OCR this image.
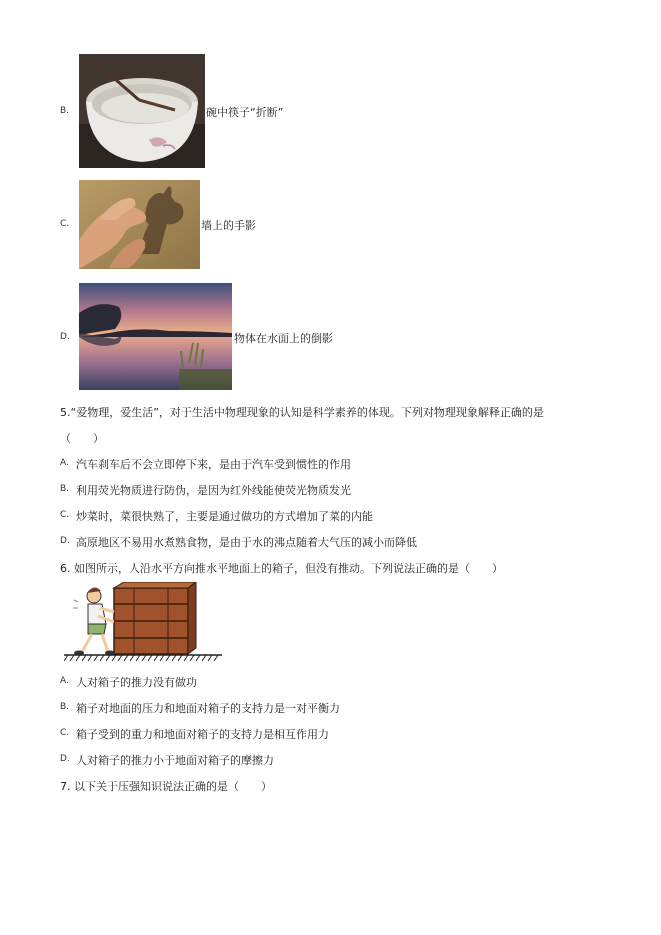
B.	碗中筷子“折断”
C.	墙上的手影
D.	物体在水面上的倒影
5.“爱物理，爱生活”，对于生活中物理现象的认知是科学素养的体现。下列对物理现象解释正确的是
（　　）
A. 汽车刹车后不会立即停下来，是由于汽车受到惯性的作用
B. 利用荧光物质进行防伪，是因为红外线能使荧光物质发光
C. 炒菜时，菜很快熟了，主要是通过做功的方式增加了菜的内能
D. 高原地区不易用水煮熟食物，是由于水的沸点随着大气压的减小而降低
6. 如图所示，人沿水平方向推水平地面上的箱子，但没有推动。下列说法正确的是（　　）
A. 人对箱子的推力没有做功
B. 箱子对地面的压力和地面对箱子的支持力是一对平衡力
C. 箱子受到的重力和地面对箱子的支持力是相互作用力
D. 人对箱子的推力小于地面对箱子的摩擦力
7. 以下关于压强知识说法正确的是（　　）
